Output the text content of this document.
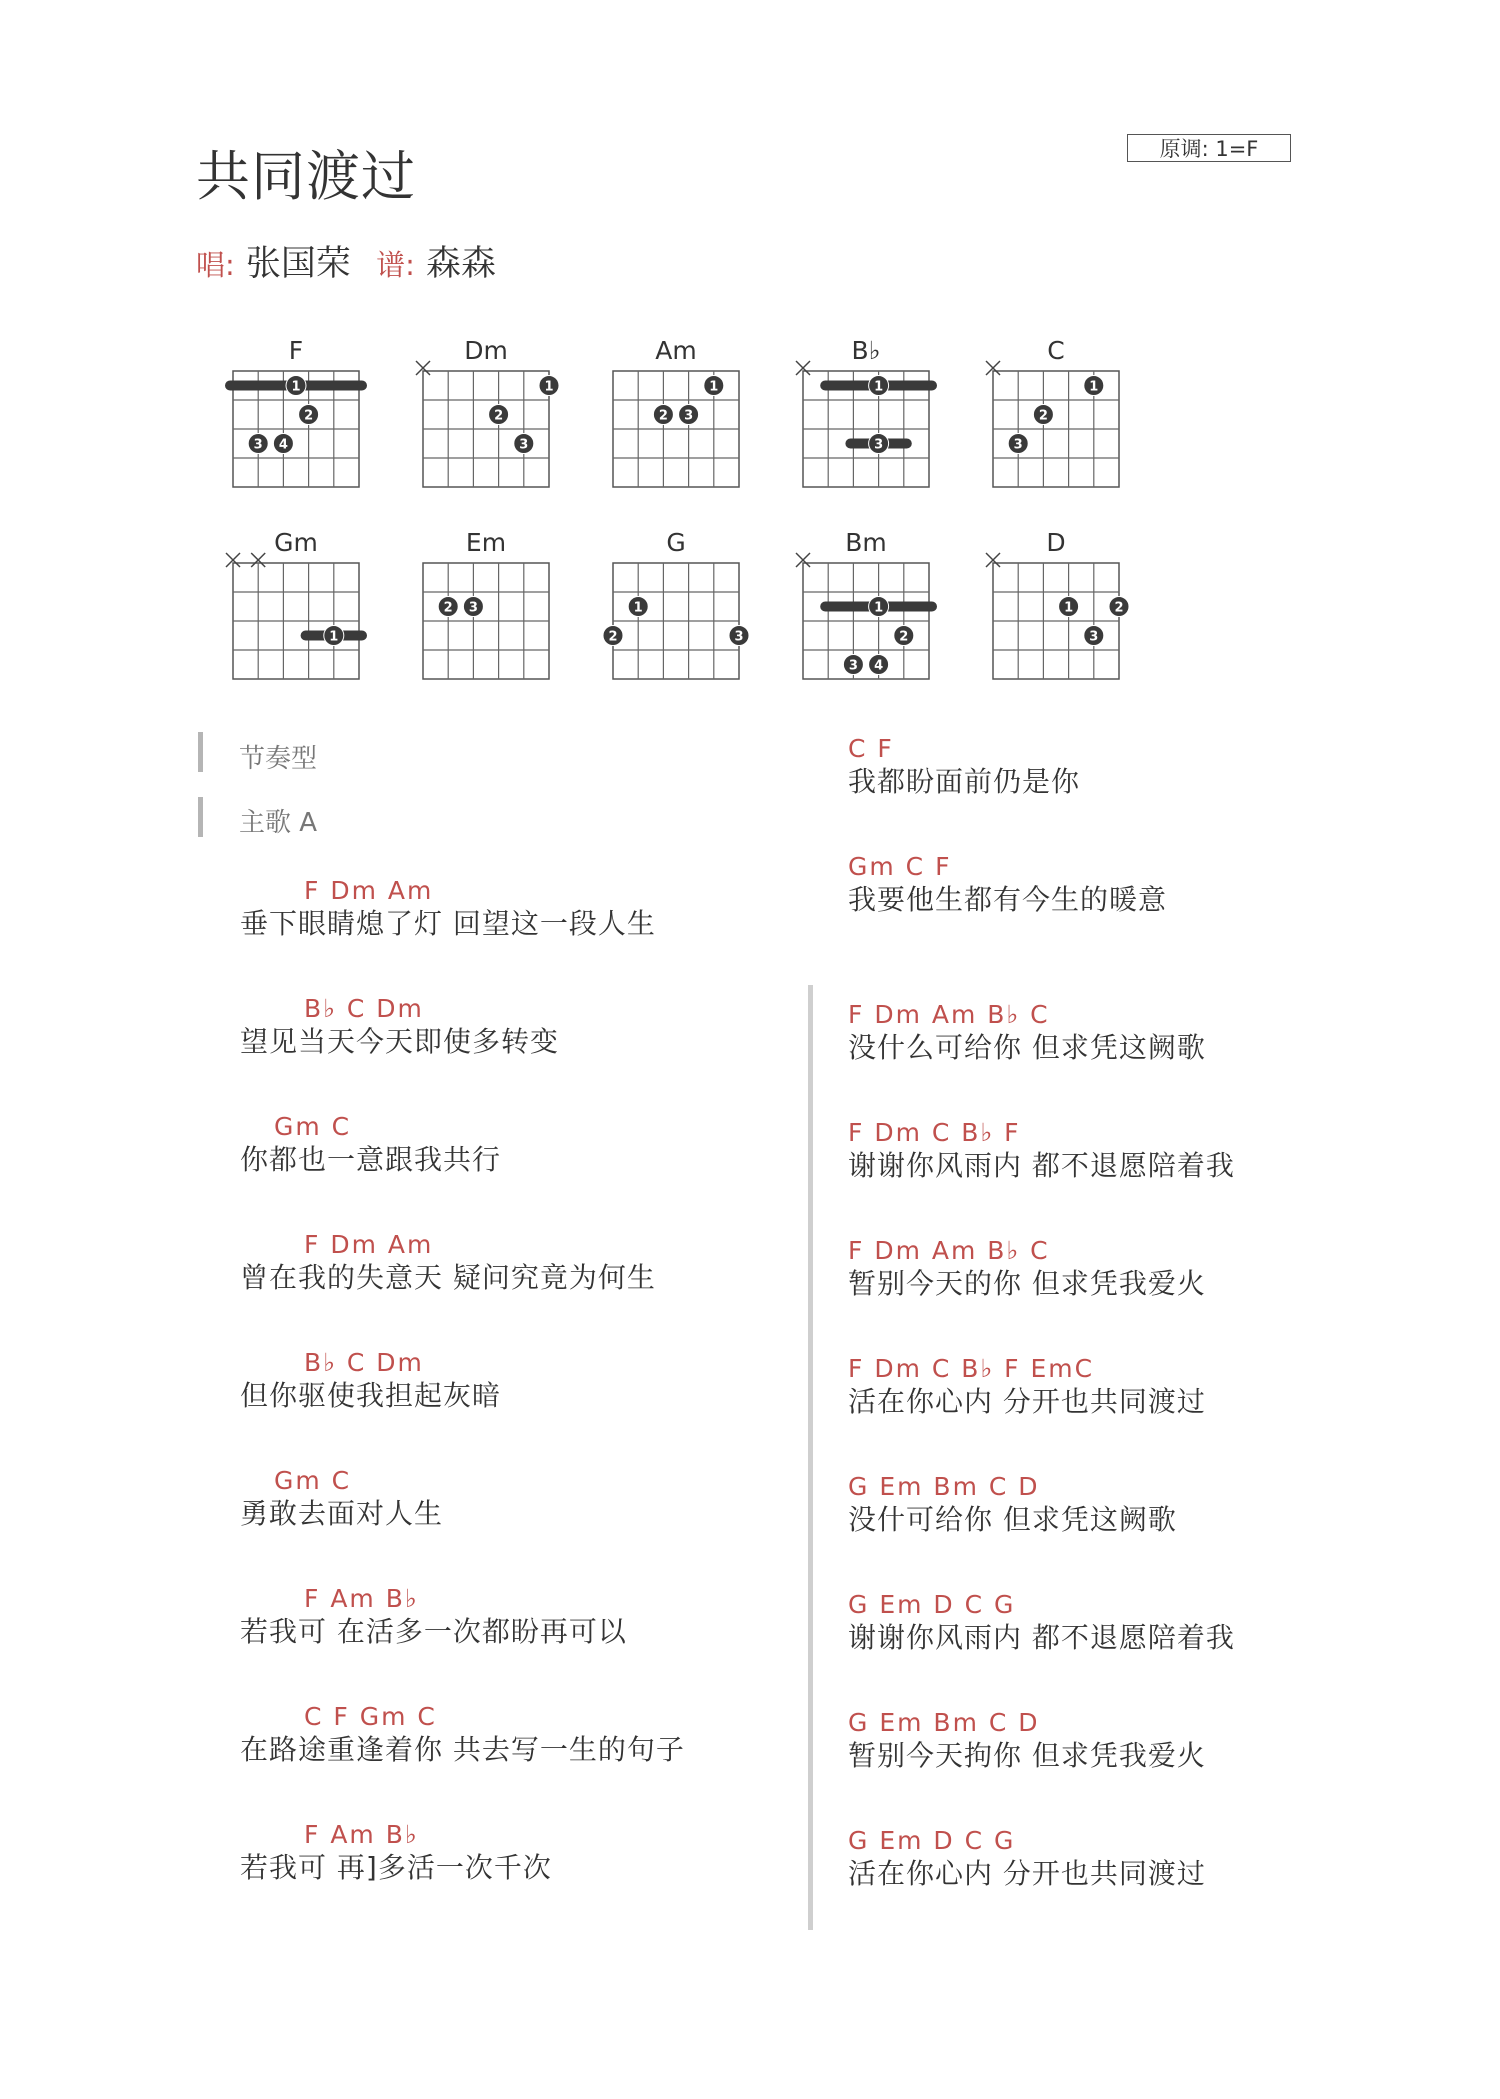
共同渡过	原调: 1=F
唱: 张国荣 谱: 森森
F
1
3 4
2
Dm
2
3
1
Am
2 3
1
B♭
1
3
C
3
2
1
Gm
1
Em
2 3
G
2
1
3
Bm
1
3 4
2
D
1	2
3
节奏型
主歌 A
F Dm Am
垂下眼睛熄了灯 回望这一段人生
B♭ C Dm
望见当天今天即使多转变
Gm C
你都也一意跟我共行
F Dm Am
曾在我的失意天 疑问究竟为何生
B♭ C Dm
但你驱使我担起灰暗
Gm C
勇敢去面对人生
F Am B♭
若我可 在活多一次都盼再可以
C F Gm C
在路途重逢着你 共去写一生的句子
F Am B♭
若我可 再]多活一次千次
C F
我都盼面前仍是你
Gm C F
我要他生都有今生的暖意
F Dm Am B♭ C
没什么可给你 但求凭这阙歌
F Dm C B♭ F
谢谢你风雨内 都不退愿陪着我
F Dm Am B♭ C
暂别今天的你 但求凭我爱火
F Dm C B♭ F EmC
活在你心内 分开也共同渡过
G Em Bm C D
没什可给你 但求凭这阙歌
G Em D C G
谢谢你风雨内 都不退愿陪着我
G Em Bm C D
暂别今天拘你 但求凭我爱火
G Em D C G
活在你心内 分开也共同渡过
